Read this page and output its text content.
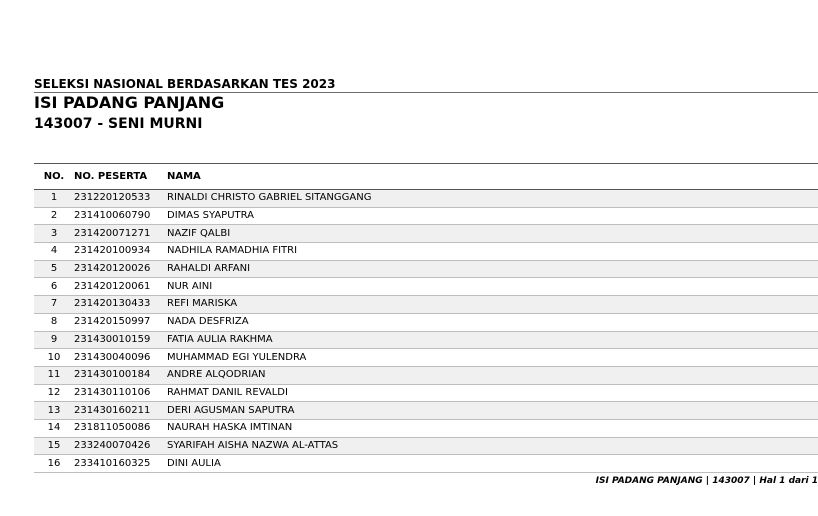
SELEKSI NASIONAL BERDASARKAN TES 2023
ISI PADANG PANJANG
143007 - SENI MURNI
NO.	NO. PESERTA	NAMA
1	231220120533	RINALDI CHRISTO GABRIEL SITANGGANG
2	231410060790	DIMAS SYAPUTRA
3	231420071271	NAZIF QALBI
4	231420100934	NADHILA RAMADHIA FITRI
5	231420120026	RAHALDI ARFANI
6	231420120061	NUR AINI
7	231420130433	REFI MARISKA
8	231420150997	NADA DESFRIZA
9	231430010159	FATIA AULIA RAKHMA
10	231430040096	MUHAMMAD EGI YULENDRA
11	231430100184	ANDRE ALQODRIAN
12	231430110106	RAHMAT DANIL REVALDI
13	231430160211	DERI AGUSMAN SAPUTRA
14	231811050086	NAURAH HASKA IMTINAN
15	233240070426	SYARIFAH AISHA NAZWA AL-ATTAS
16	233410160325	DINI AULIA
ISI PADANG PANJANG | 143007 | Hal 1 dari 1
